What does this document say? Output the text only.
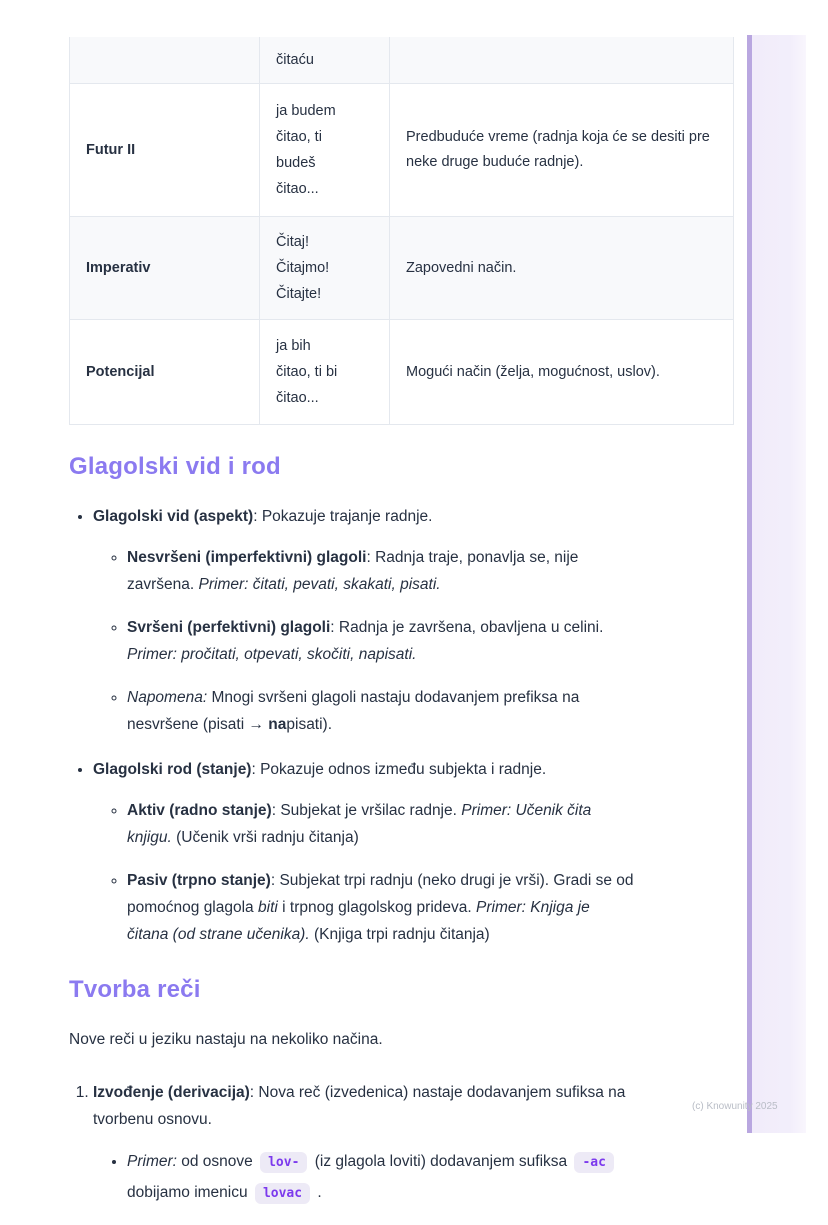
(c) Knowunity 2025

	čitaću	

Futur II	ja budem
čitao, ti
budeš
čitao...	Predbuduće vreme (radnja koja će se desiti pre neke druge buduće radnje).
Imperativ	Čitaj!
Čitajmo!
Čitajte!	Zapovedni način.
Potencijal	ja bih
čitao, ti bi
čitao...	Mogući način (želja, mogućnost, uslov).
Glagolski vid i rod
• Glagolski vid (aspekt): Pokazuje trajanje radnje.
◦ Nesvršeni (imperfektivni) glagoli: Radnja traje, ponavlja se, nije završena. Primer: čitati, pevati, skakati, pisati.
◦ Svršeni (perfektivni) glagoli: Radnja je završena, obavljena u celini. Primer: pročitati, otpevati, skočiti, napisati.
◦ Napomena: Mnogi svršeni glagoli nastaju dodavanjem prefiksa na nesvršene (pisati → napisati).
• Glagolski rod (stanje): Pokazuje odnos između subjekta i radnje.
◦ Aktiv (radno stanje): Subjekat je vršilac radnje. Primer: Učenik čita knjigu. (Učenik vrši radnju čitanja)
◦ Pasiv (trpno stanje): Subjekat trpi radnju (neko drugi je vrši). Gradi se od pomoćnog glagola biti i trpnog glagolskog prideva. Primer: Knjiga je čitana (od strane učenika). (Knjiga trpi radnju čitanja)
Tvorba reči

Nove reči u jeziku nastaju na nekoliko načina.

1. Izvođenje (derivacija): Nova reč (izvedenica) nastaje dodavanjem sufiksa na tvorbenu osnovu.
• Primer: od osnove lov- (iz glagola loviti) dodavanjem sufiksa -ac dobijamo imenicu lovac .
